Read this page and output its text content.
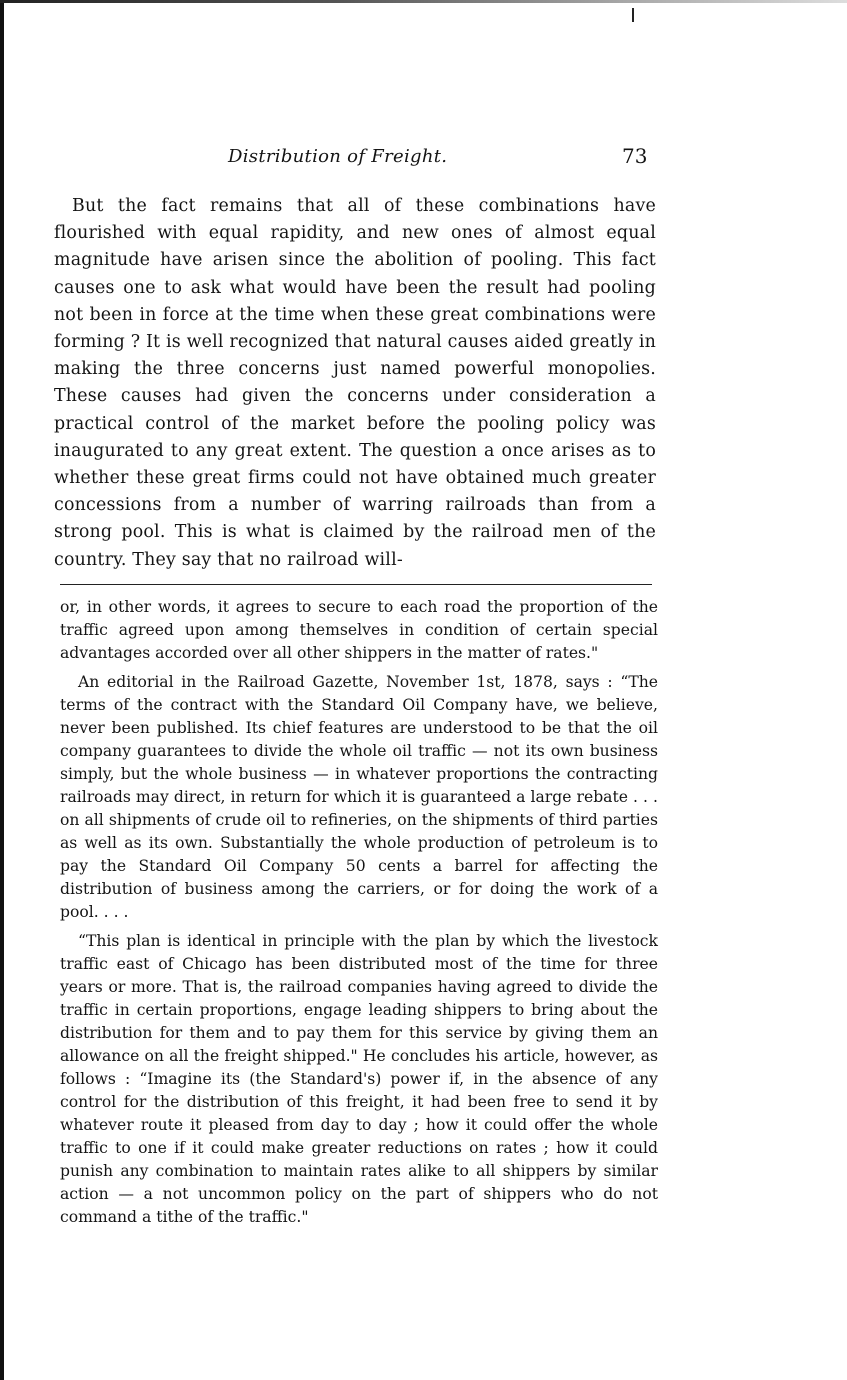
Distribution of Freight.	73

But the fact remains that all of these combinations have flourished with equal rapidity, and new ones of almost equal magnitude have arisen since the abolition of pooling. This fact causes one to ask what would have been the result had pooling not been in force at the time when these great combinations were forming ? It is well recognized that natural causes aided greatly in making the three concerns just named powerful monopolies. These causes had given the concerns under consideration a practical control of the market before the pooling policy was inaugurated to any great extent. The question a once arises as to whether these great firms could not have obtained much greater concessions from a number of warring railroads than from a strong pool. This is what is claimed by the railroad men of the country. They say that no railroad will-

or, in other words, it agrees to secure to each road the proportion of the traffic agreed upon among themselves in condition of certain special advantages accorded over all other shippers in the matter of rates."

An editorial in the Railroad Gazette, November 1st, 1878, says : “The terms of the contract with the Standard Oil Company have, we believe, never been published. Its chief features are understood to be that the oil company guarantees to divide the whole oil traffic — not its own business simply, but the whole business — in whatever proportions the contracting railroads may direct, in return for which it is guaranteed a large rebate . . . on all shipments of crude oil to refineries, on the shipments of third parties as well as its own. Substantially the whole production of petroleum is to pay the Standard Oil Company 50 cents a barrel for affecting the distribution of business among the carriers, or for doing the work of a pool. . . .

“This plan is identical in principle with the plan by which the livestock traffic east of Chicago has been distributed most of the time for three years or more. That is, the railroad companies having agreed to divide the traffic in certain proportions, engage leading shippers to bring about the distribution for them and to pay them for this service by giving them an allowance on all the freight shipped." He concludes his article, however, as follows : “Imagine its (the Standard's) power if, in the absence of any control for the distribution of this freight, it had been free to send it by whatever route it pleased from day to day ; how it could offer the whole traffic to one if it could make greater reductions on rates ; how it could punish any combination to maintain rates alike to all shippers by similar action — a not uncommon policy on the part of shippers who do not command a tithe of the traffic."
